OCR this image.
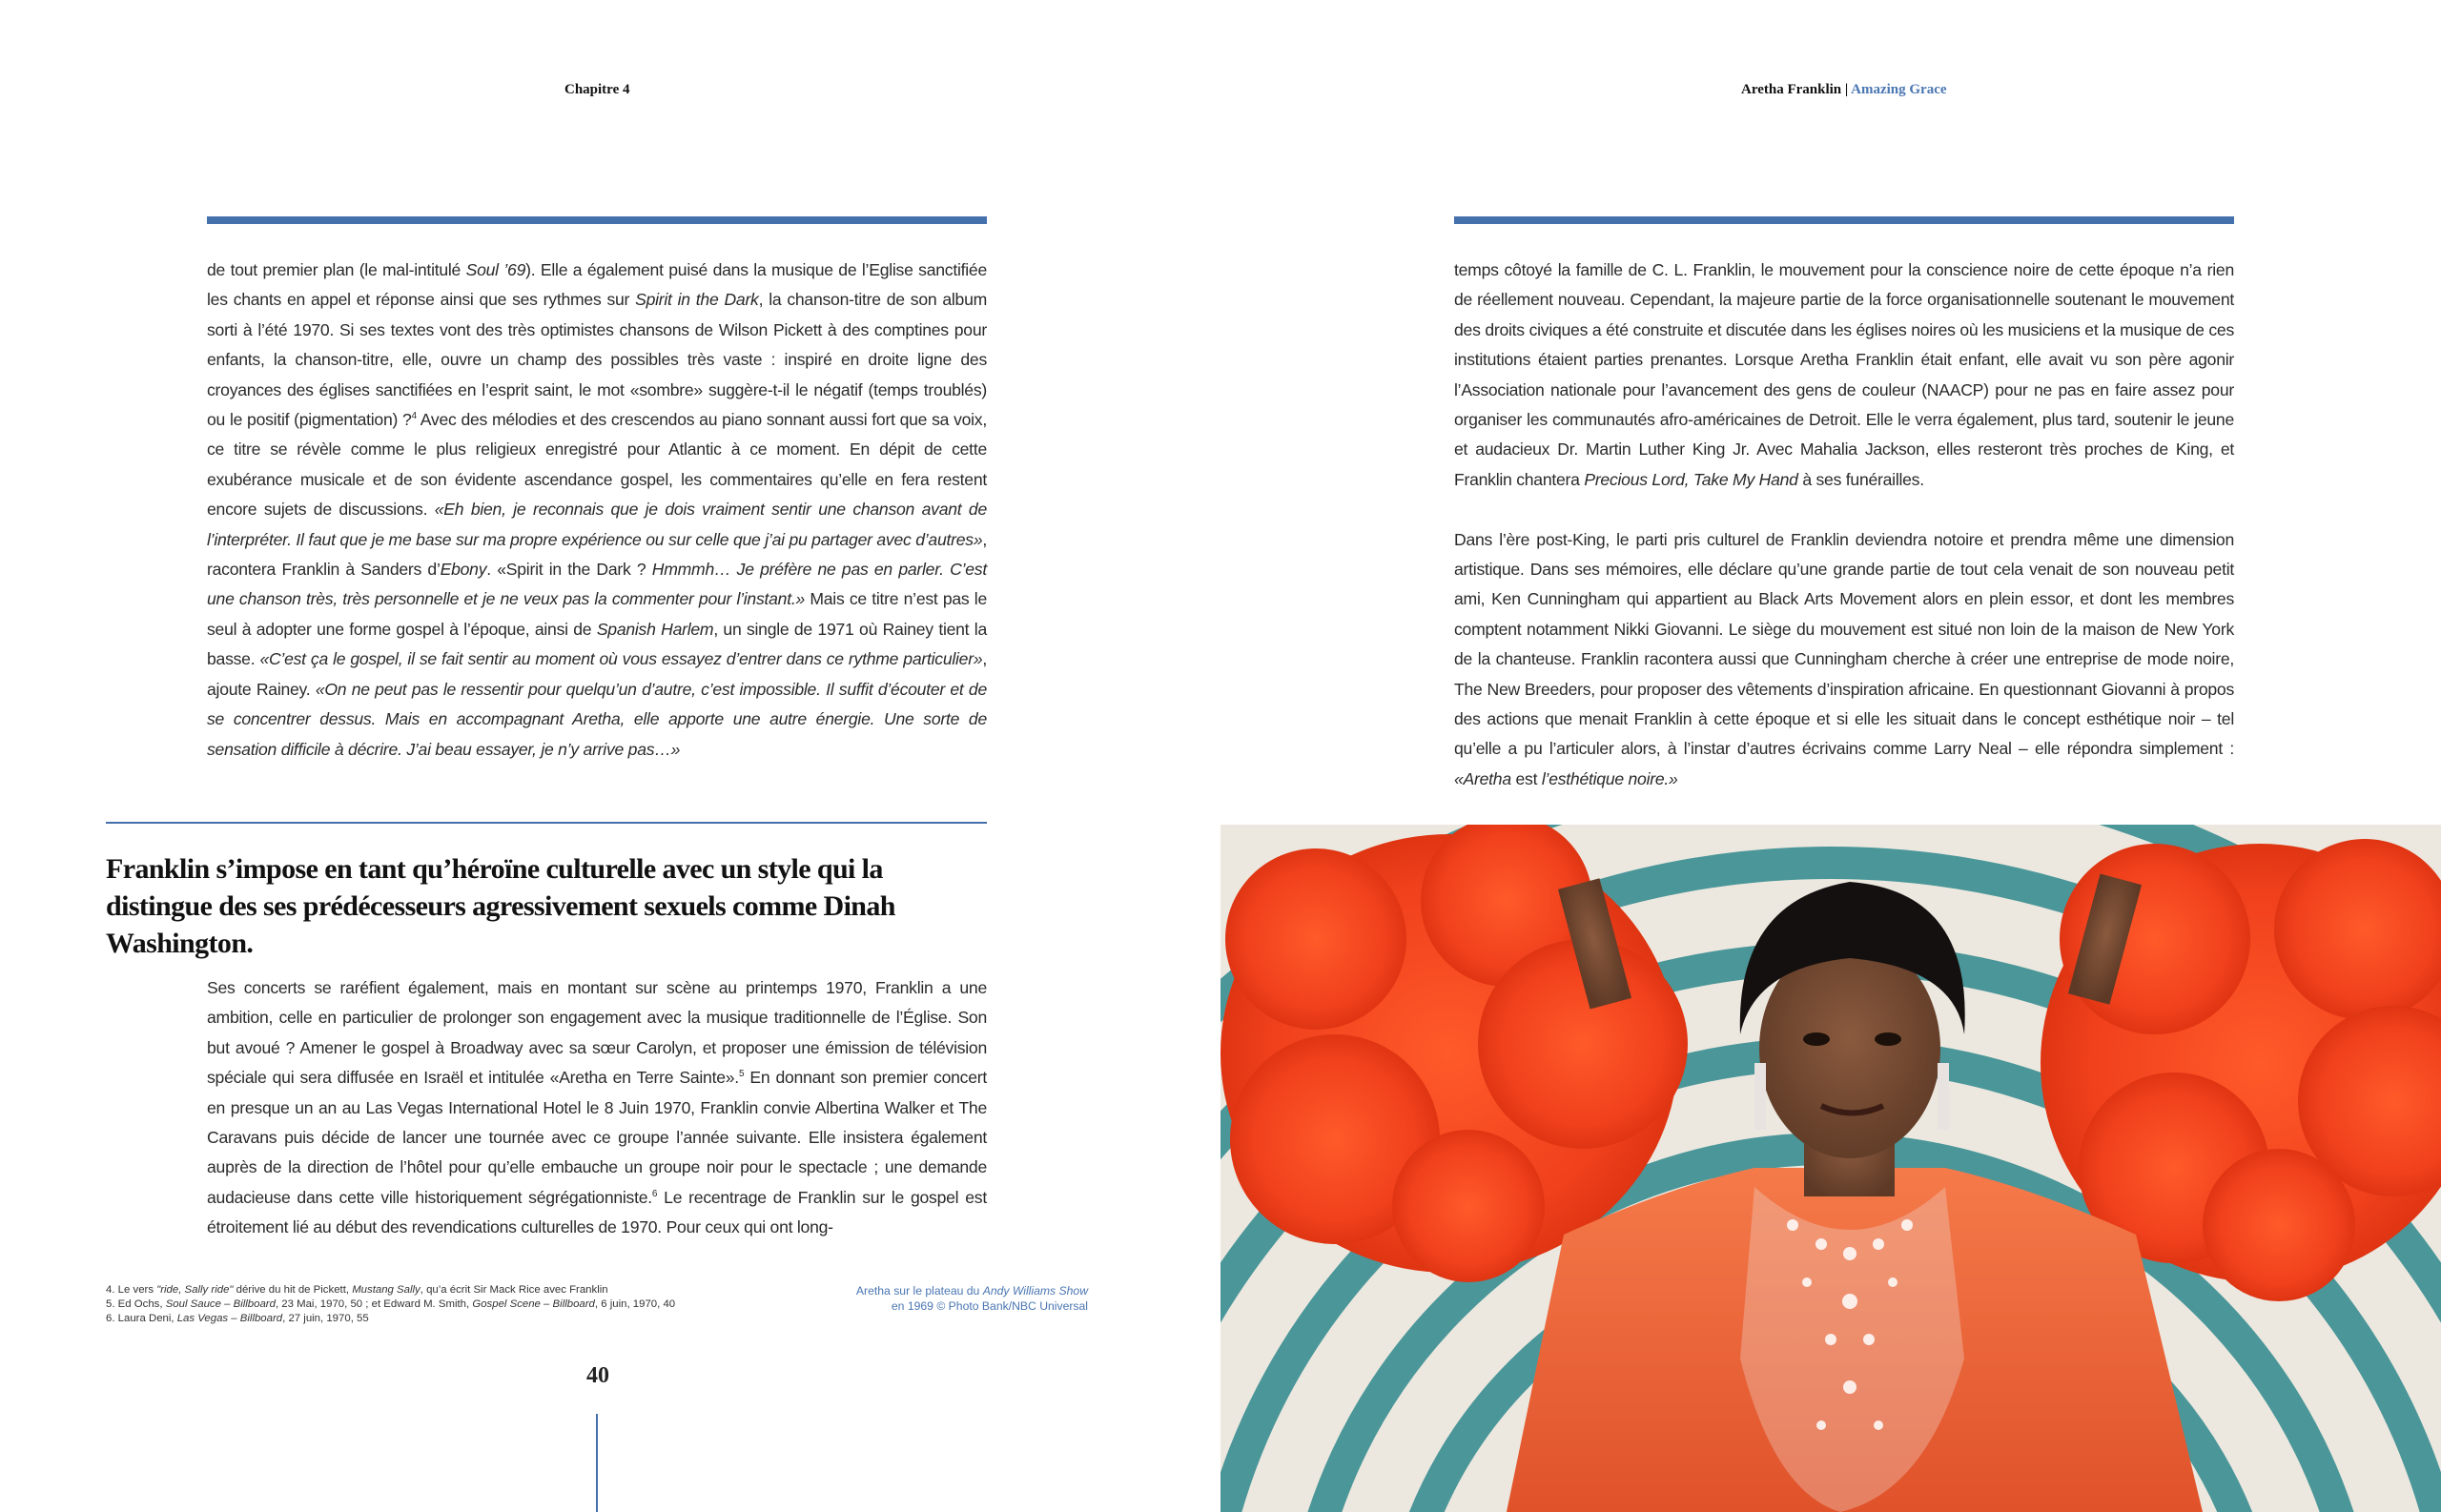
Chapitre 4

de tout premier plan (le mal-intitulé Soul ’69). Elle a également puisé dans la musique de l’Eglise sanctifiée les chants en appel et réponse ainsi que ses rythmes sur Spirit in the Dark, la chanson-titre de son album sorti à l’été 1970. Si ses textes vont des très optimistes chansons de Wilson Pickett à des comptines pour enfants, la chanson-titre, elle, ouvre un champ des possibles très vaste : inspiré en droite ligne des croyances des églises sanctifiées en l’esprit saint, le mot «sombre» suggère-t-il le négatif (temps troublés) ou le positif (pigmentation) ?$^4$ Avec des mélodies et des crescendos au piano sonnant aussi fort que sa voix, ce titre se révèle comme le plus religieux enregistré pour Atlantic à ce moment. En dépit de cette exubérance musicale et de son évidente ascendance gospel, les commentaires qu’elle en fera restent encore sujets de discussions. «Eh bien, je reconnais que je dois vraiment sentir une chanson avant de l’interpréter. Il faut que je me base sur ma propre expérience ou sur celle que j’ai pu partager avec d’autres», racontera Franklin à Sanders d’Ebony. «Spirit in the Dark ? Hmmmh… Je préfère ne pas en parler. C’est une chanson très, très personnelle et je ne veux pas la commenter pour l’instant.» Mais ce titre n’est pas le seul à adopter une forme gospel à l’époque, ainsi de Spanish Harlem, un single de 1971 où Rainey tient la basse. «C’est ça le gospel, il se fait sentir au moment où vous essayez d’entrer dans ce rythme particulier», ajoute Rainey. «On ne peut pas le ressentir pour quelqu’un d’autre, c’est impossible. Il suffit d’écouter et de se concentrer dessus. Mais en accompagnant Aretha, elle apporte une autre énergie. Une sorte de sensation difficile à décrire. J’ai beau essayer, je n’y arrive pas…»

Franklin s’impose en tant qu’héroïne culturelle avec un style qui la distingue des ses prédécesseurs agressivement sexuels comme Dinah Washington.

Ses concerts se raréfient également, mais en montant sur scène au printemps 1970, Franklin a une ambition, celle en particulier de prolonger son engagement avec la musique traditionnelle de l’Église. Son but avoué ? Amener le gospel à Broadway avec sa sœur Carolyn, et proposer une émission de télévision spéciale qui sera diffusée en Israël et intitulée «Aretha en Terre Sainte».$^5$ En donnant son premier concert en presque un an au Las Vegas International Hotel le 8 Juin 1970, Franklin convie Albertina Walker et The Caravans puis décide de lancer une tournée avec ce groupe l’année suivante. Elle insistera également auprès de la direction de l’hôtel pour qu’elle embauche un groupe noir pour le spectacle ; une demande audacieuse dans cette ville historiquement ségrégationniste.$^6$ Le recentrage de Franklin sur le gospel est étroitement lié au début des revendications culturelles de 1970. Pour ceux qui ont long-

4. Le vers "ride, Sally ride" dérive du hit de Pickett, Mustang Sally, qu’a écrit Sir Mack Rice avec Franklin
5. Ed Ochs, Soul Sauce – Billboard, 23 Mai, 1970, 50 ; et Edward M. Smith, Gospel Scene – Billboard, 6 juin, 1970, 40
6. Laura Deni, Las Vegas – Billboard, 27 juin, 1970, 55
Aretha sur le plateau du Andy Williams Show
en 1969 © Photo Bank/NBC Universal
40
Aretha Franklin | Amazing Grace

temps côtoyé la famille de C. L. Franklin, le mouvement pour la conscience noire de cette époque n’a rien de réellement nouveau. Cependant, la majeure partie de la force organisationnelle soutenant le mouvement des droits civiques a été construite et discutée dans les églises noires où les musiciens et la musique de ces institutions étaient parties prenantes. Lorsque Aretha Franklin était enfant, elle avait vu son père agonir l’Association nationale pour l’avancement des gens de couleur (NAACP) pour ne pas en faire assez pour organiser les communautés afro-américaines de Detroit. Elle le verra également, plus tard, soutenir le jeune et audacieux Dr. Martin Luther King Jr. Avec Mahalia Jackson, elles resteront très proches de King, et Franklin chantera Precious Lord, Take My Hand à ses funérailles.

Dans l’ère post-King, le parti pris culturel de Franklin deviendra notoire et prendra même une dimension artistique. Dans ses mémoires, elle déclare qu’une grande partie de tout cela venait de son nouveau petit ami, Ken Cunningham qui appartient au Black Arts Movement alors en plein essor, et dont les membres comptent notamment Nikki Giovanni. Le siège du mouvement est situé non loin de la maison de New York de la chanteuse. Franklin racontera aussi que Cunningham cherche à créer une entreprise de mode noire, The New Breeders, pour proposer des vêtements d’inspiration africaine. En questionnant Giovanni à propos des actions que menait Franklin à cette époque et si elle les situait dans le concept esthétique noir – tel qu’elle a pu l’articuler alors, à l’instar d’autres écrivains comme Larry Neal – elle répondra simplement : «Aretha est l’esthétique noire.»
